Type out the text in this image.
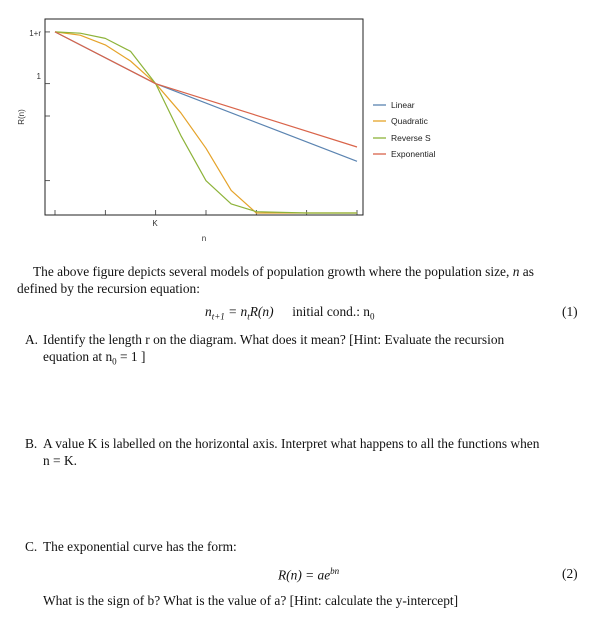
1+r
1
K
n
R(n)
Linear
Quadratic
Reverse S
Exponential
The above figure depicts several models of population growth where the population size, n as
defined by the recursion equation:
$n_{t+1} = n_tR(n)$ initial cond.: $n_0$	(1)
A. Identify the length r on the diagram. What does it mean? [Hint: Evaluate the recursion
equation at $n_0 = 1$ ]
B. A value K is labelled on the horizontal axis. Interpret what happens to all the functions when
n = K.
C. The exponential curve has the form:
$R(n) = ae^{bn}$	(2)
What is the sign of b? What is the value of a? [Hint: calculate the y-intercept]
